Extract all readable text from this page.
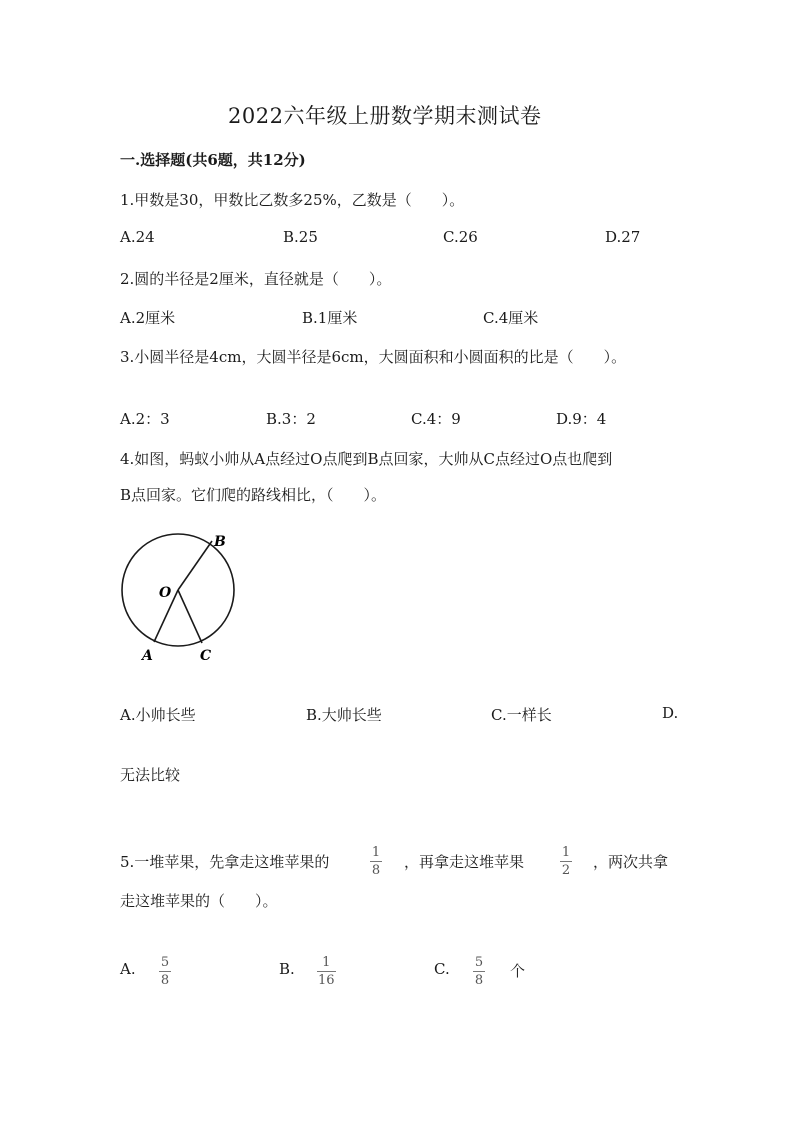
2022六年级上册数学期末测试卷
一.选择题(共6题，共12分)
1.甲数是30，甲数比乙数多25%，乙数是（　　）。
A.24	B.25	C.26	D.27
2.圆的半径是2厘米，直径就是（　　）。
A.2厘米	B.1厘米	C.4厘米
3.小圆半径是4cm，大圆半径是6cm，大圆面积和小圆面积的比是（　　）。
A.2：3	B.3：2	C.4：9	D.9：4
4.如图，蚂蚁小帅从A点经过O点爬到B点回家，大帅从C点经过O点也爬到
B点回家。它们爬的路线相比，（　　）。
B
O
A	C
A.小帅长些	B.大帅长些	C.一样长	D.
无法比较
5.一堆苹果，先拿走这堆苹果的
1
8 ，再拿走这堆苹果
1
2 ，两次共拿
走这堆苹果的（　　）。
A. 5
8
B. 1
16
C. 5
8
个
